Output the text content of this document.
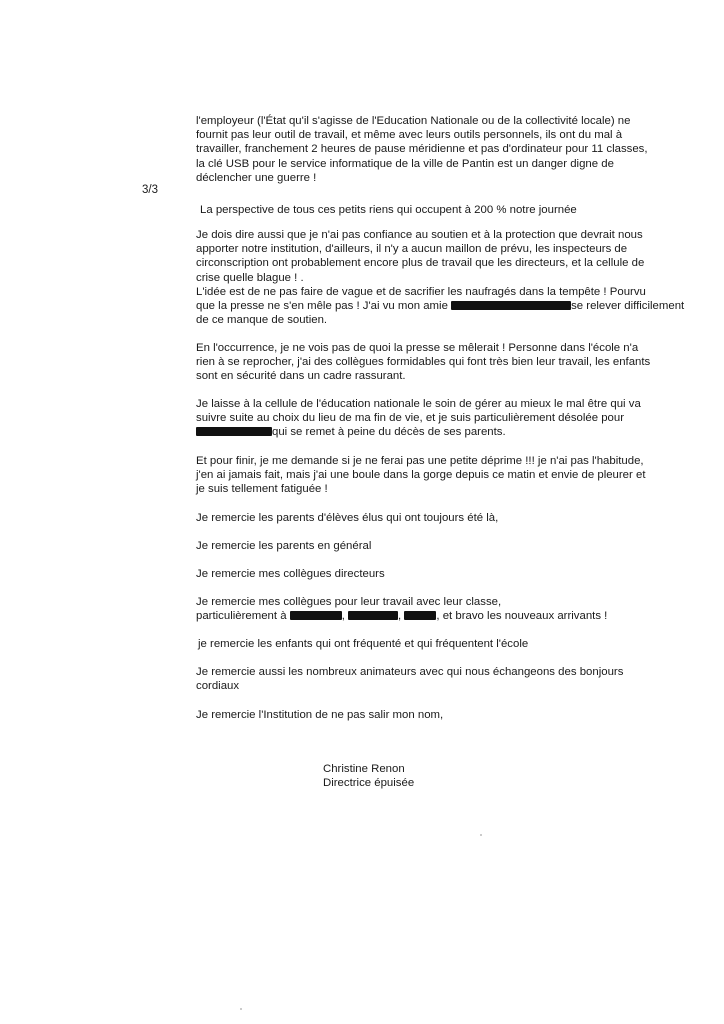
3/3

l'employeur (l'État qu'il s'agisse de l'Education Nationale ou de la collectivité locale) ne
fournit pas leur outil de travail, et même avec leurs outils personnels, ils ont du mal à
travailler, franchement 2 heures de pause méridienne et pas d'ordinateur pour 11 classes,
la clé USB pour le service informatique de la ville de Pantin est un danger digne de
déclencher une guerre !

La perspective de tous ces petits riens qui occupent à 200 % notre journée

Je dois dire aussi que je n'ai pas confiance au soutien et à la protection que devrait nous
apporter notre institution, d'ailleurs, il n'y a aucun maillon de prévu, les inspecteurs de
circonscription ont probablement encore plus de travail que les directeurs, et la cellule de
crise quelle blague ! .
L'idée est de ne pas faire de vague et de sacrifier les naufragés dans la tempête ! Pourvu
que la presse ne s'en mêle pas ! J'ai vu mon amie	se relever difficilement
de ce manque de soutien.

En l'occurrence, je ne vois pas de quoi la presse se mêlerait ! Personne dans l'école n'a
rien à se reprocher, j'ai des collègues formidables qui font très bien leur travail, les enfants
sont en sécurité dans un cadre rassurant.

Je laisse à la cellule de l'éducation nationale le soin de gérer au mieux le mal être qui va
suivre suite au choix du lieu de ma fin de vie, et je suis particulièrement désolée pour
qui se remet à peine du décès de ses parents.

Et pour finir, je me demande si je ne ferai pas une petite déprime !!! je n'ai pas l'habitude,
j'en ai jamais fait, mais j'ai une boule dans la gorge depuis ce matin et envie de pleurer et
je suis tellement fatiguée !

Je remercie les parents d'élèves élus qui ont toujours été là,

Je remercie les parents en général

Je remercie mes collègues directeurs

Je remercie mes collègues pour leur travail avec leur classe,
particulièrement à	,	,	, et bravo les nouveaux arrivants !

je remercie les enfants qui ont fréquenté et qui fréquentent l'école

Je remercie aussi les nombreux animateurs avec qui nous échangeons des bonjours
cordiaux

Je remercie l'Institution de ne pas salir mon nom,

Christine Renon
Directrice épuisée
